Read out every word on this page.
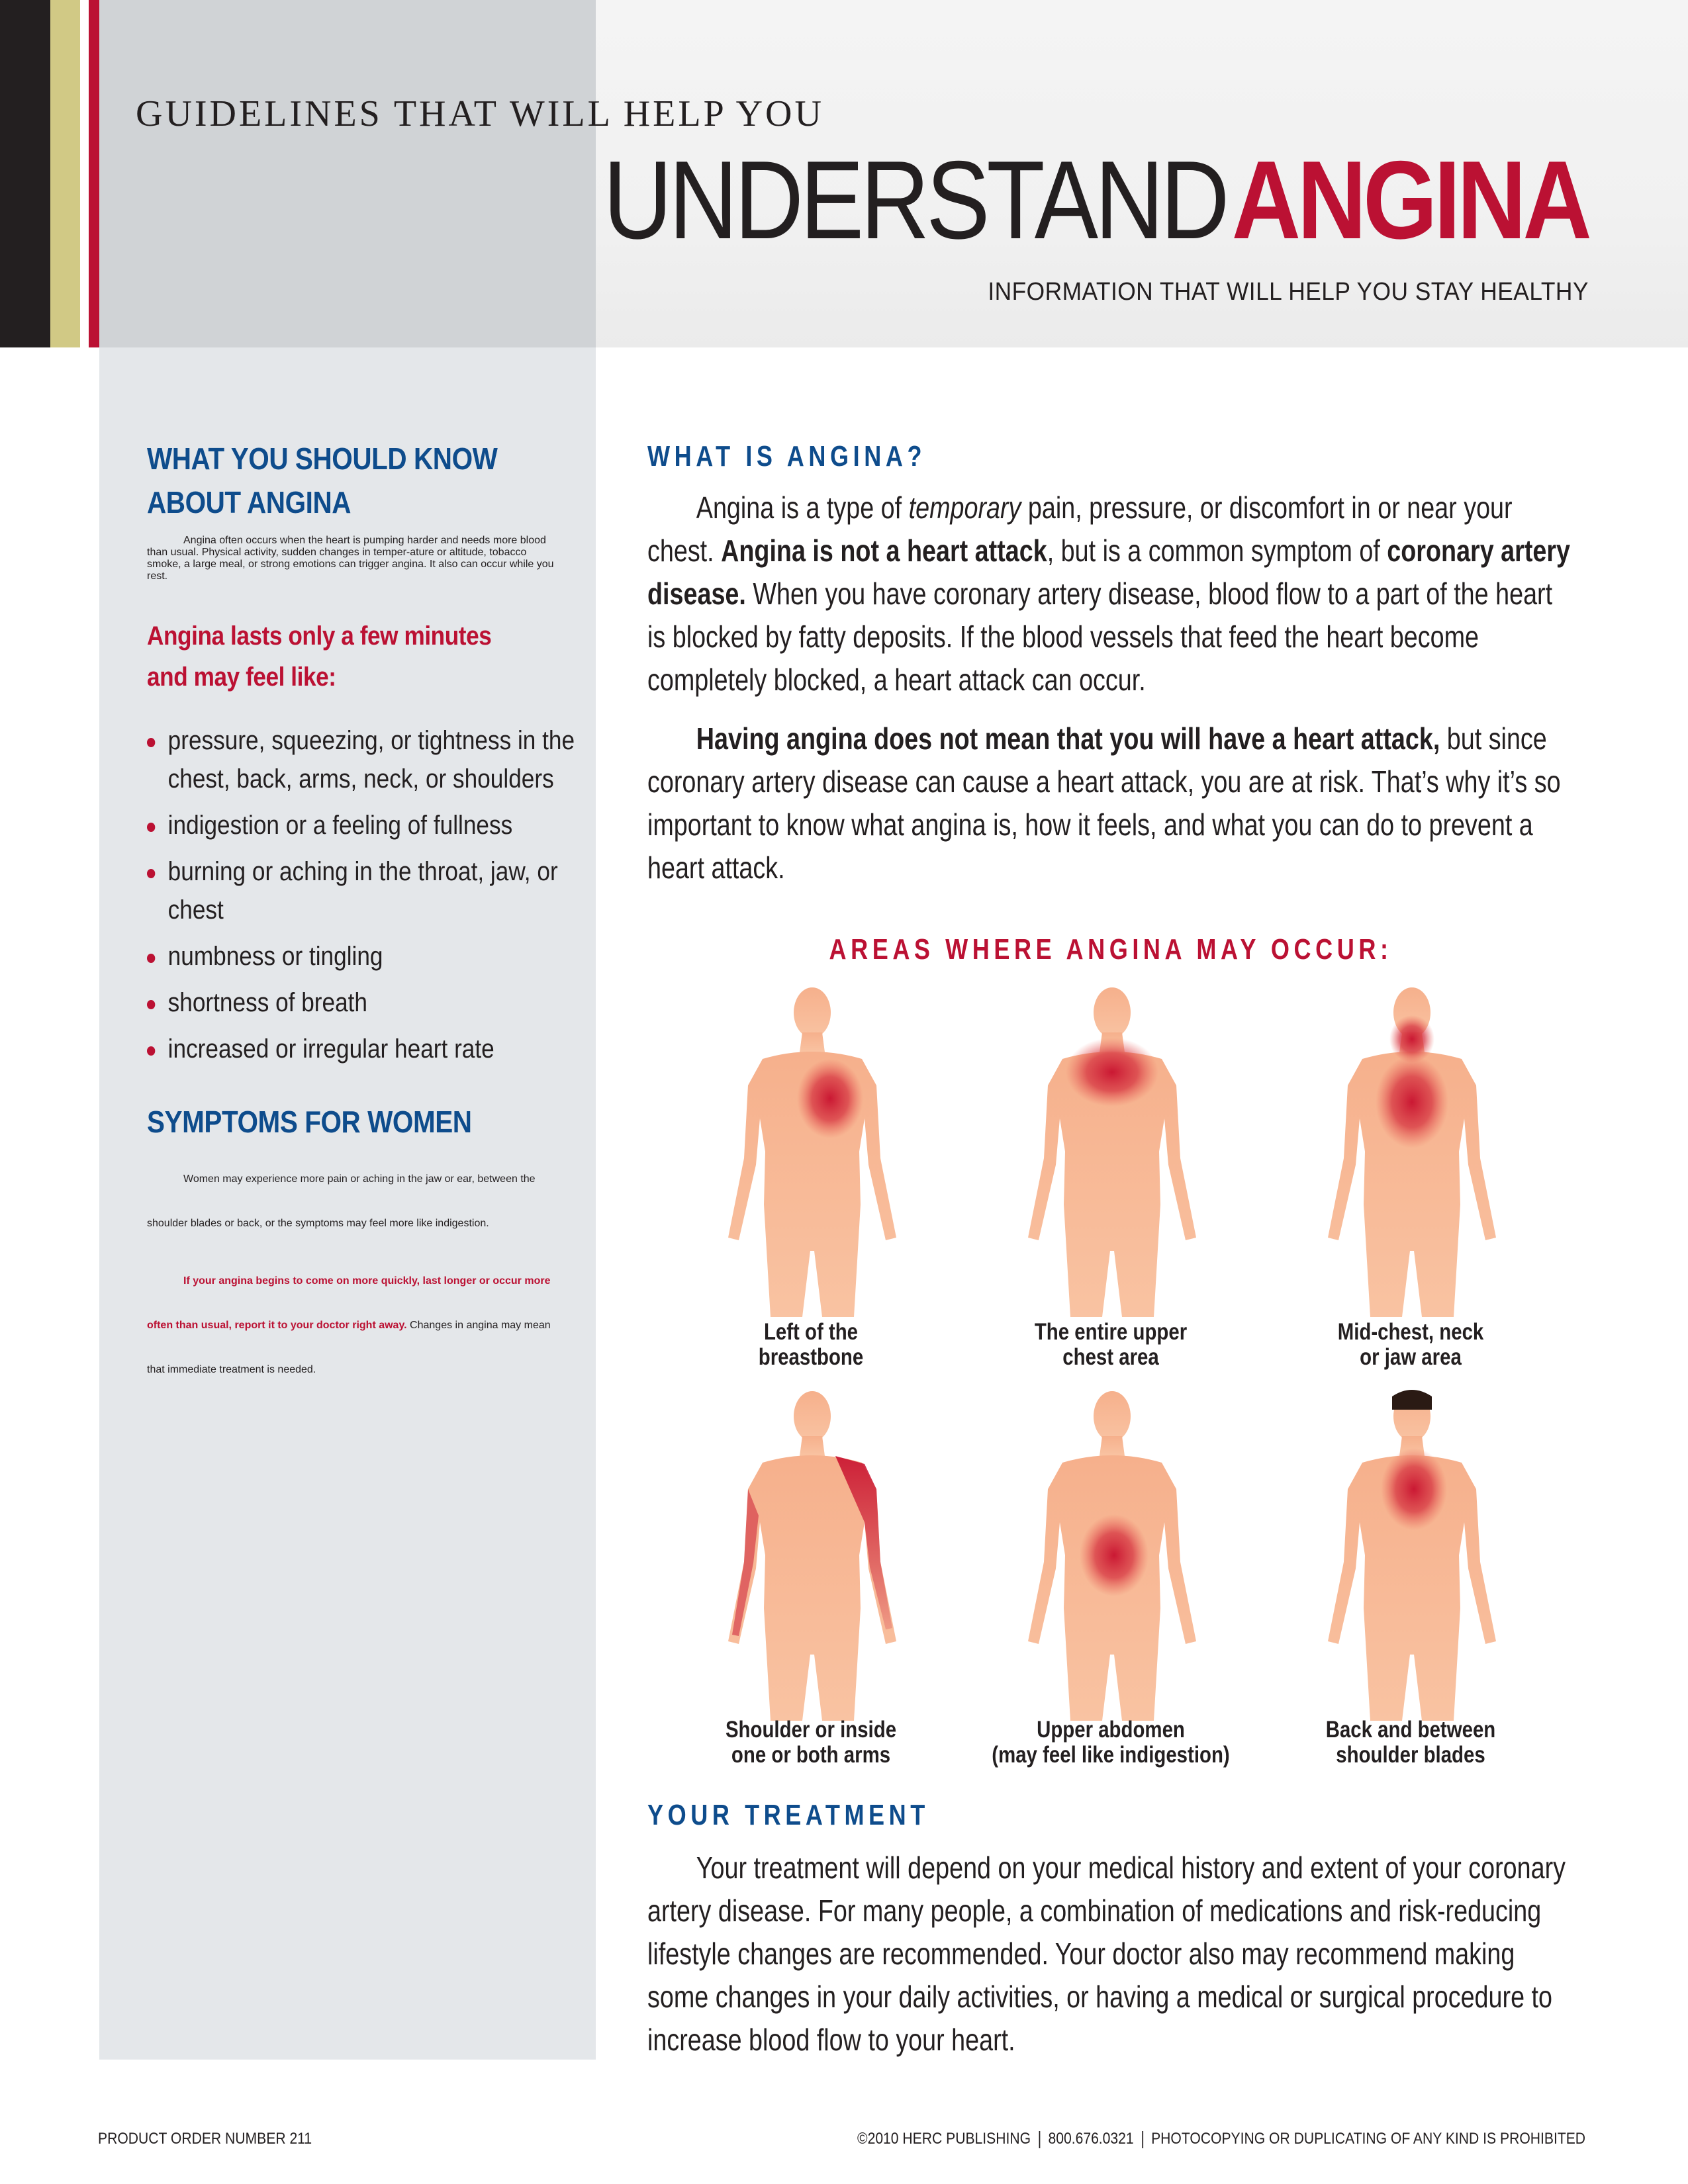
GUIDELINES THAT WILL HELP YOU
UNDERSTAND ANGINA
INFORMATION THAT WILL HELP YOU STAY HEALTHY
WHAT YOU SHOULD KNOW
ABOUT ANGINA

Angina often occurs when the heart is pumping harder and needs more blood than usual. Physical activity, sudden changes in temper-ature or altitude, tobacco smoke, a large meal, or strong emotions can trigger angina. It also can occur while you rest.

Angina lasts only a few minutes
and may feel like:
pressure, squeezing, or tightness in the chest, back, arms, neck, or shoulders
indigestion or a feeling of fullness
burning or aching in the throat, jaw, or chest
numbness or tingling
shortness of breath
increased or irregular heart rate
SYMPTOMS FOR WOMEN

Women may experience more pain or aching in the jaw or ear, between the shoulder blades or back, or the symptoms may feel more like indigestion.

If your angina begins to come on more quickly, last longer or occur more often than usual, report it to your doctor right away. Changes in angina may mean that immediate treatment is needed.

WHAT IS ANGINA?

Angina is a type of temporary pain, pressure, or discomfort in or near your chest. Angina is not a heart attack, but is a common symptom of coronary artery disease. When you have coronary artery disease, blood flow to a part of the heart is blocked by fatty deposits. If the blood vessels that feed the heart become completely blocked, a heart attack can occur.

Having angina does not mean that you will have a heart attack, but since coronary artery disease can cause a heart attack, you are at risk. That’s why it’s so important to know what angina is, how it feels, and what you can do to prevent a heart attack.

AREAS WHERE ANGINA MAY OCCUR:
Left of the
breastbone
The entire upper
chest area
Mid-chest, neck
or jaw area
Shoulder or inside
one or both arms
Upper abdomen
(may feel like indigestion)
Back and between
shoulder blades
YOUR TREATMENT

Your treatment will depend on your medical history and extent of your coronary artery disease. For many people, a combination of medications and risk-reducing lifestyle changes are recommended. Your doctor also may recommend making some changes in your daily activities, or having a medical or surgical procedure to increase blood flow to your heart.

PRODUCT ORDER NUMBER 211	©2010 HERC PUBLISHING 800.676.0321 PHOTOCOPYING OR DUPLICATING OF ANY KIND IS PROHIBITED
